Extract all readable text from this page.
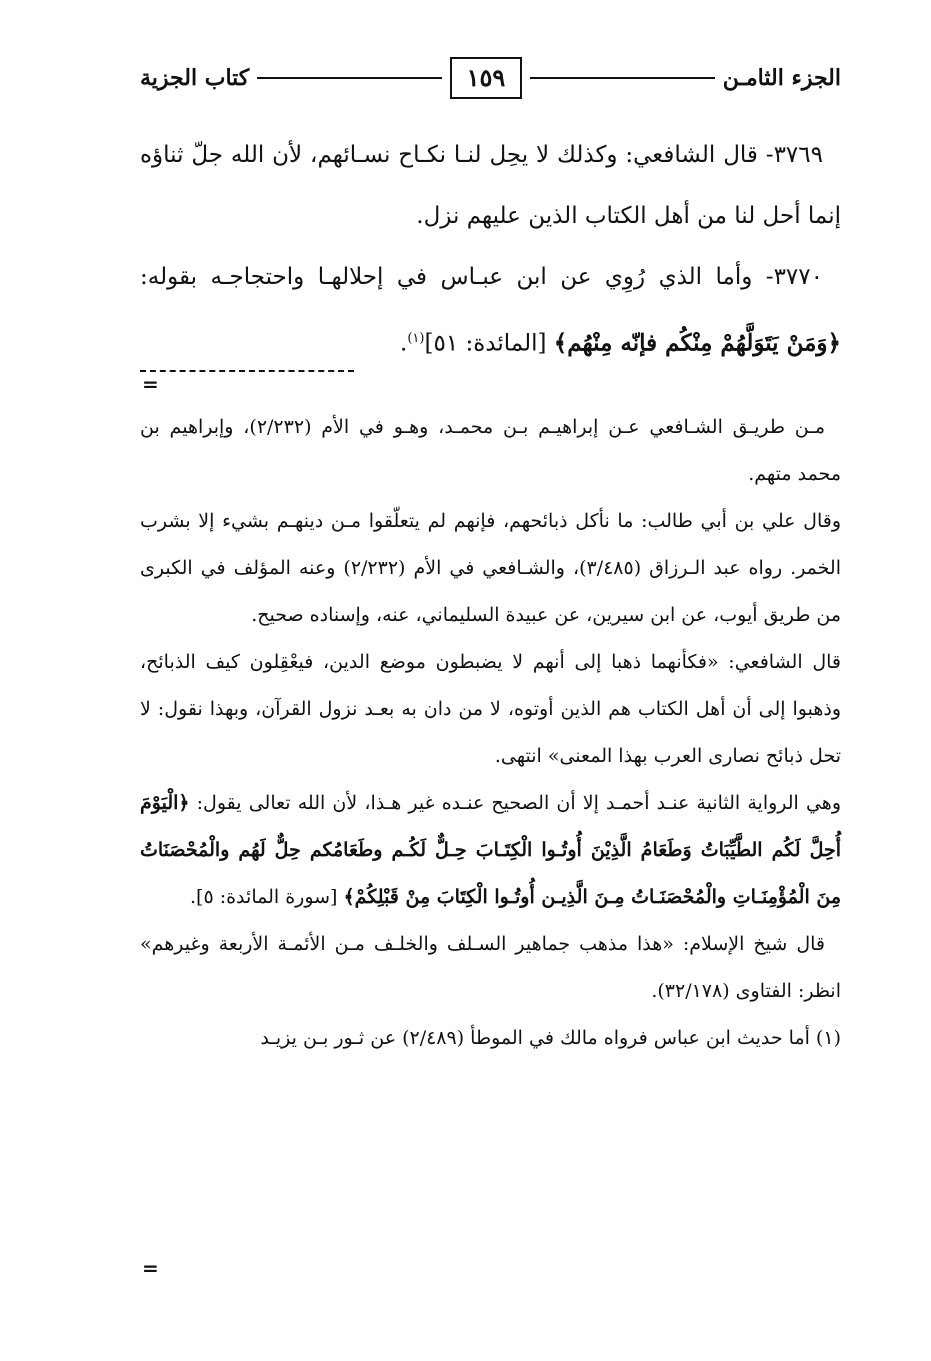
الجزء الثامـن
١٥٩
كتاب الجزية

٣٧٦٩- قال الشافعي: وكذلك لا يحِل لنـا نكـاح نسـائهم، لأن الله جلّ ثناؤه إنما أحل لنا من أهل الكتاب الذين عليهم نزل.

٣٧٧٠- وأما الذي رُوِي عن ابن عبـاس في إحلالهـا واحتجاجـه بقوله: ﴿وَمَنْ يَتَوَلَّهُمْ مِنْكُم فإنّه مِنْهُم﴾ [المائدة: ٥١]$^{(١)}$.

=

مـن طريـق الشـافعي عـن إبراهيـم بـن محمـد، وهـو في الأم (٢/٢٣٢)، وإبراهيم بن محمد متهم.

وقال علي بن أبي طالب: ما نأكل ذبائحهم، فإنهم لم يتعلّقوا مـن دينهـم بشيء إلا بشرب الخمر. رواه عبد الـرزاق (٣/٤٨٥)، والشـافعي في الأم (٢/٢٣٢) وعنه المؤلف في الكبرى من طريق أيوب، عن ابن سيرين، عن عبيدة السليماني، عنه، وإسناده صحيح.

قال الشافعي: «فكأنهما ذهبا إلى أنهم لا يضبطون موضع الدين، فيعْقِلون كيف الذبائح، وذهبوا إلى أن أهل الكتاب هم الذين أوتوه، لا من دان به بعـد نزول القرآن، وبهذا نقول: لا تحل ذبائح نصارى العرب بهذا المعنى» انتهى.

وهي الرواية الثانية عنـد أحمـد إلا أن الصحيح عنـده غير هـذا، لأن الله تعالى يقول: ﴿الْيَوْمَ أُحِلَّ لَكُم الطَّيِّبَاتُ وَطَعَامُ الَّذِيْنَ أُوتُـوا الْكِتَـابَ حِـلٌّ لَكُـم وطَعَامُكم حِلٌّ لَهُم والْمُحْصَنَاتُ مِنَ الْمُؤْمِنَـاتِ والْمُحْصَنَـاتُ مِـنَ الَّذِيـن أُوتُـوا الْكِتَابَ مِنْ قَبْلِكُمْ﴾ [سورة المائدة: ٥].

قال شيخ الإسلام: «هذا مذهب جماهير السـلف والخلـف مـن الأئمـة الأربعة وغيرهم» انظر: الفتاوى (٣٢/١٧٨).

(١) أما حديث ابن عباس فرواه مالك في الموطأ (٢/٤٨٩) عن ثـور بـن يزيـد

=
